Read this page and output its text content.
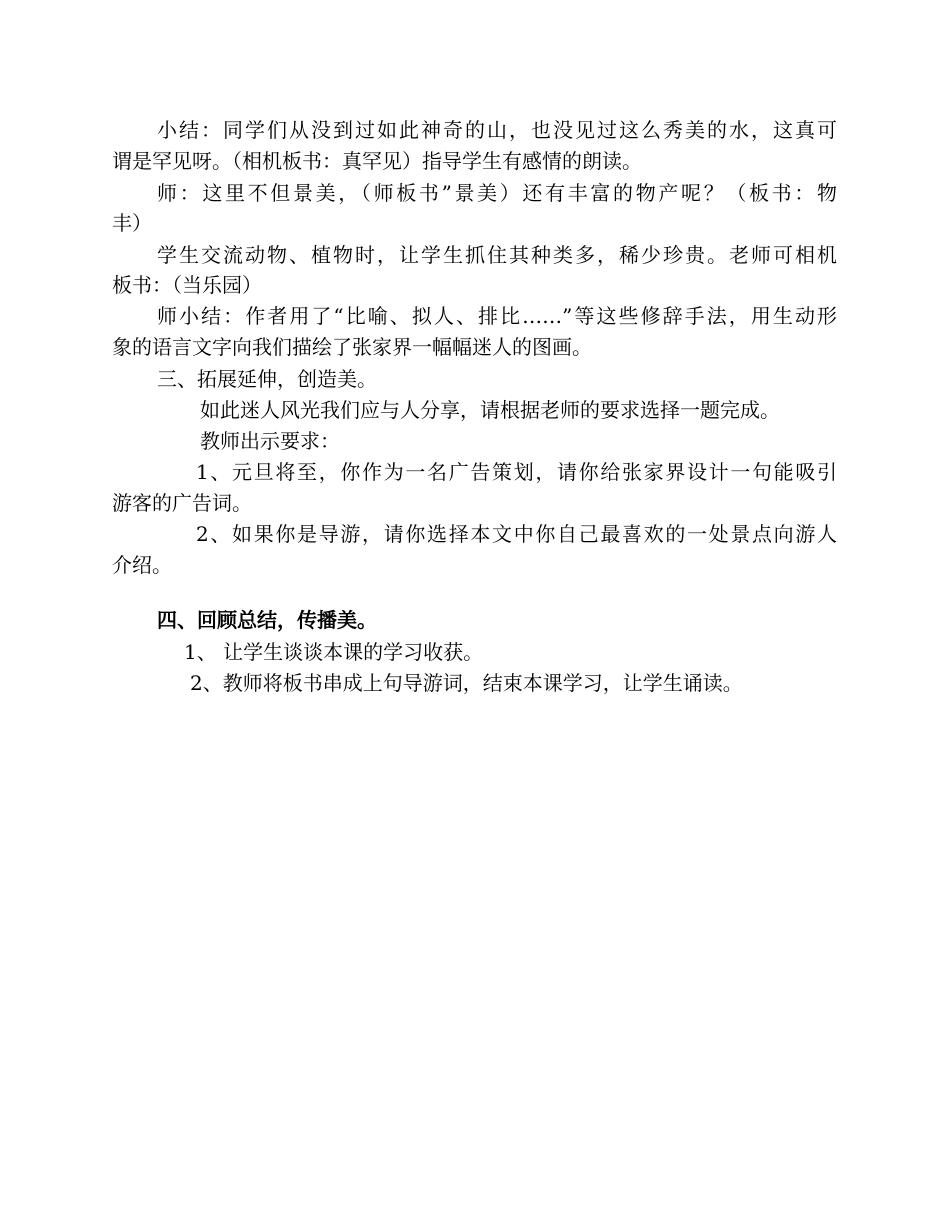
小结：同学们从没到过如此神奇的山，也没见过这么秀美的水，这真可
谓是罕见呀。（相机板书：真罕见）指导学生有感情的朗读。
师：这里不但景美，（师板书”景美）还有丰富的物产呢？（板书：物
丰）
学生交流动物、植物时，让学生抓住其种类多，稀少珍贵。老师可相机
板书：（当乐园）
师小结：作者用了“比喻、拟人、排比……”等这些修辞手法，用生动形
象的语言文字向我们描绘了张家界一幅幅迷人的图画。
三、拓展延伸，创造美。
如此迷人风光我们应与人分享，请根据老师的要求选择一题完成。
教师出示要求：
1、元旦将至，你作为一名广告策划，请你给张家界设计一句能吸引
游客的广告词。
2、如果你是导游，请你选择本文中你自己最喜欢的一处景点向游人
介绍。
四、回顾总结，传播美。
1、 让学生谈谈本课的学习收获。
2、教师将板书串成上句导游词，结束本课学习，让学生诵读。
